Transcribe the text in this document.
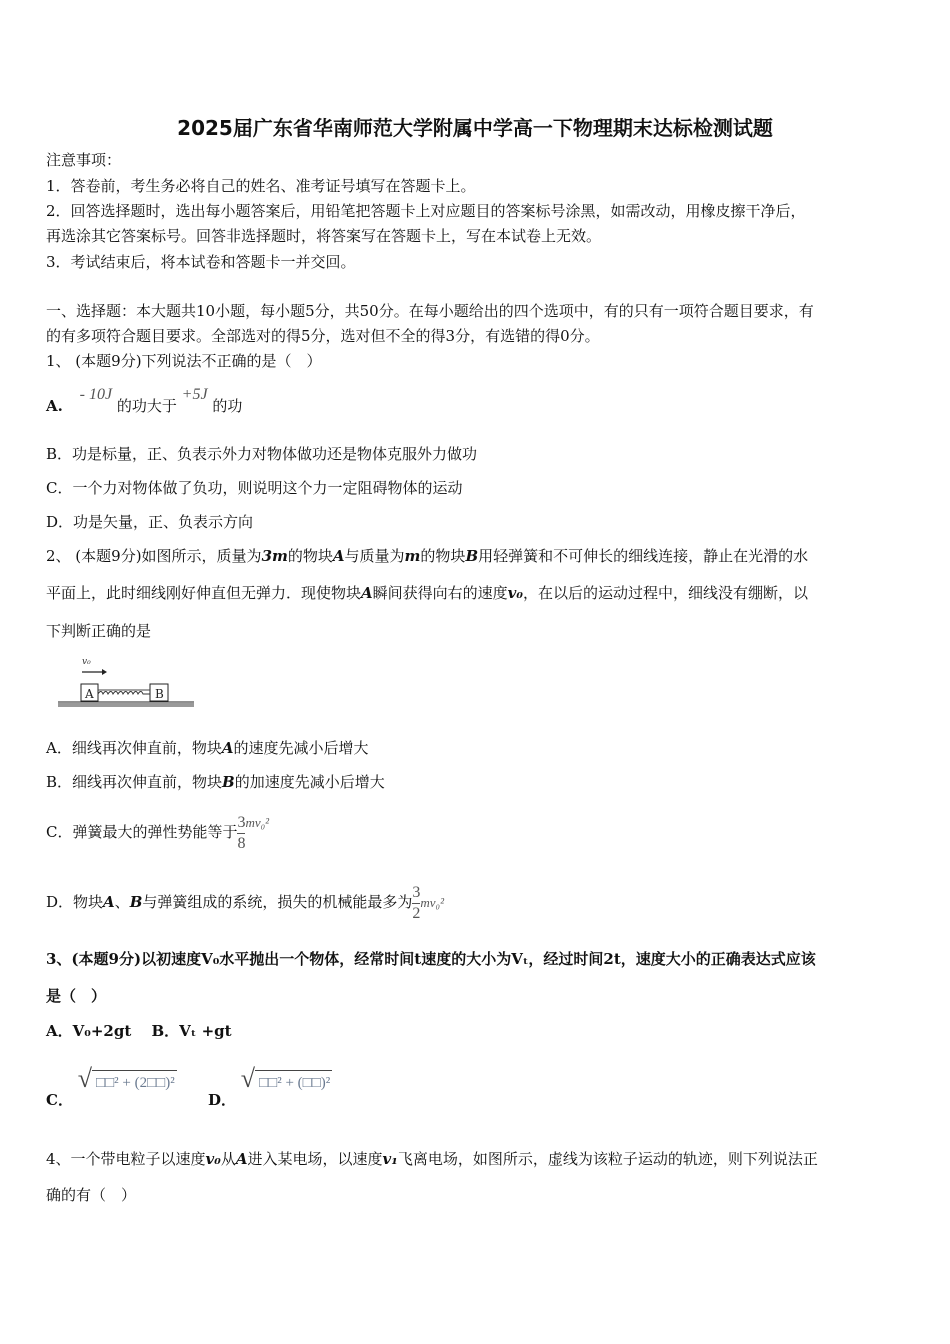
2025届广东省华南师范大学附属中学高一下物理期末达标检测试题
注意事项：
1．答卷前，考生务必将自己的姓名、准考证号填写在答题卡上。
2．回答选择题时，选出每小题答案后，用铅笔把答题卡上对应题目的答案标号涂黑，如需改动，用橡皮擦干净后，
再选涂其它答案标号。回答非选择题时，将答案写在答题卡上，写在本试卷上无效。
3．考试结束后，将本试卷和答题卡一并交回。
一、选择题：本大题共10小题，每小题5分，共50分。在每小题给出的四个选项中，有的只有一项符合题目要求，有
的有多项符合题目要求。全部选对的得5分，选对但不全的得3分，有选错的得0分。
1、 (本题9分)下列说法不正确的是（　）
A. - 10J 的功大于 +5J 的功
B．功是标量，正、负表示外力对物体做功还是物体克服外力做功
C．一个力对物体做了负功，则说明这个力一定阻碍物体的运动
D．功是矢量，正、负表示方向
2、 (本题9分)如图所示，质量为3m的物块A与质量为m的物块B用轻弹簧和不可伸长的细线连接，静止在光滑的水
平面上，此时细线刚好伸直但无弹力．现使物块A瞬间获得向右的速度v₀，在以后的运动过程中，细线没有绷断，以
下判断正确的是
v₀
A	B
A．细线再次伸直前，物块A的速度先减小后增大
B．细线再次伸直前，物块B的加速度先减小后增大
C．弹簧最大的弹性势能等于 $\frac{3}{8} mv_0^2$
D．物块A、B与弹簧组成的系统，损失的机械能最多为 $\frac{3}{2} mv_0^2$
3、(本题9分)以初速度V₀水平抛出一个物体，经常时间t速度的大小为Vₜ，经过时间2t，速度大小的正确表达式应该
是（　）
A．V₀+2gt　 B．Vₜ +gt
C． √ □□² + (2□□)²
D． √ □□² + (□□)²
4、一个带电粒子以速度v₀从A进入某电场，以速度v₁飞离电场，如图所示，虚线为该粒子运动的轨迹，则下列说法正
确的有（　）
